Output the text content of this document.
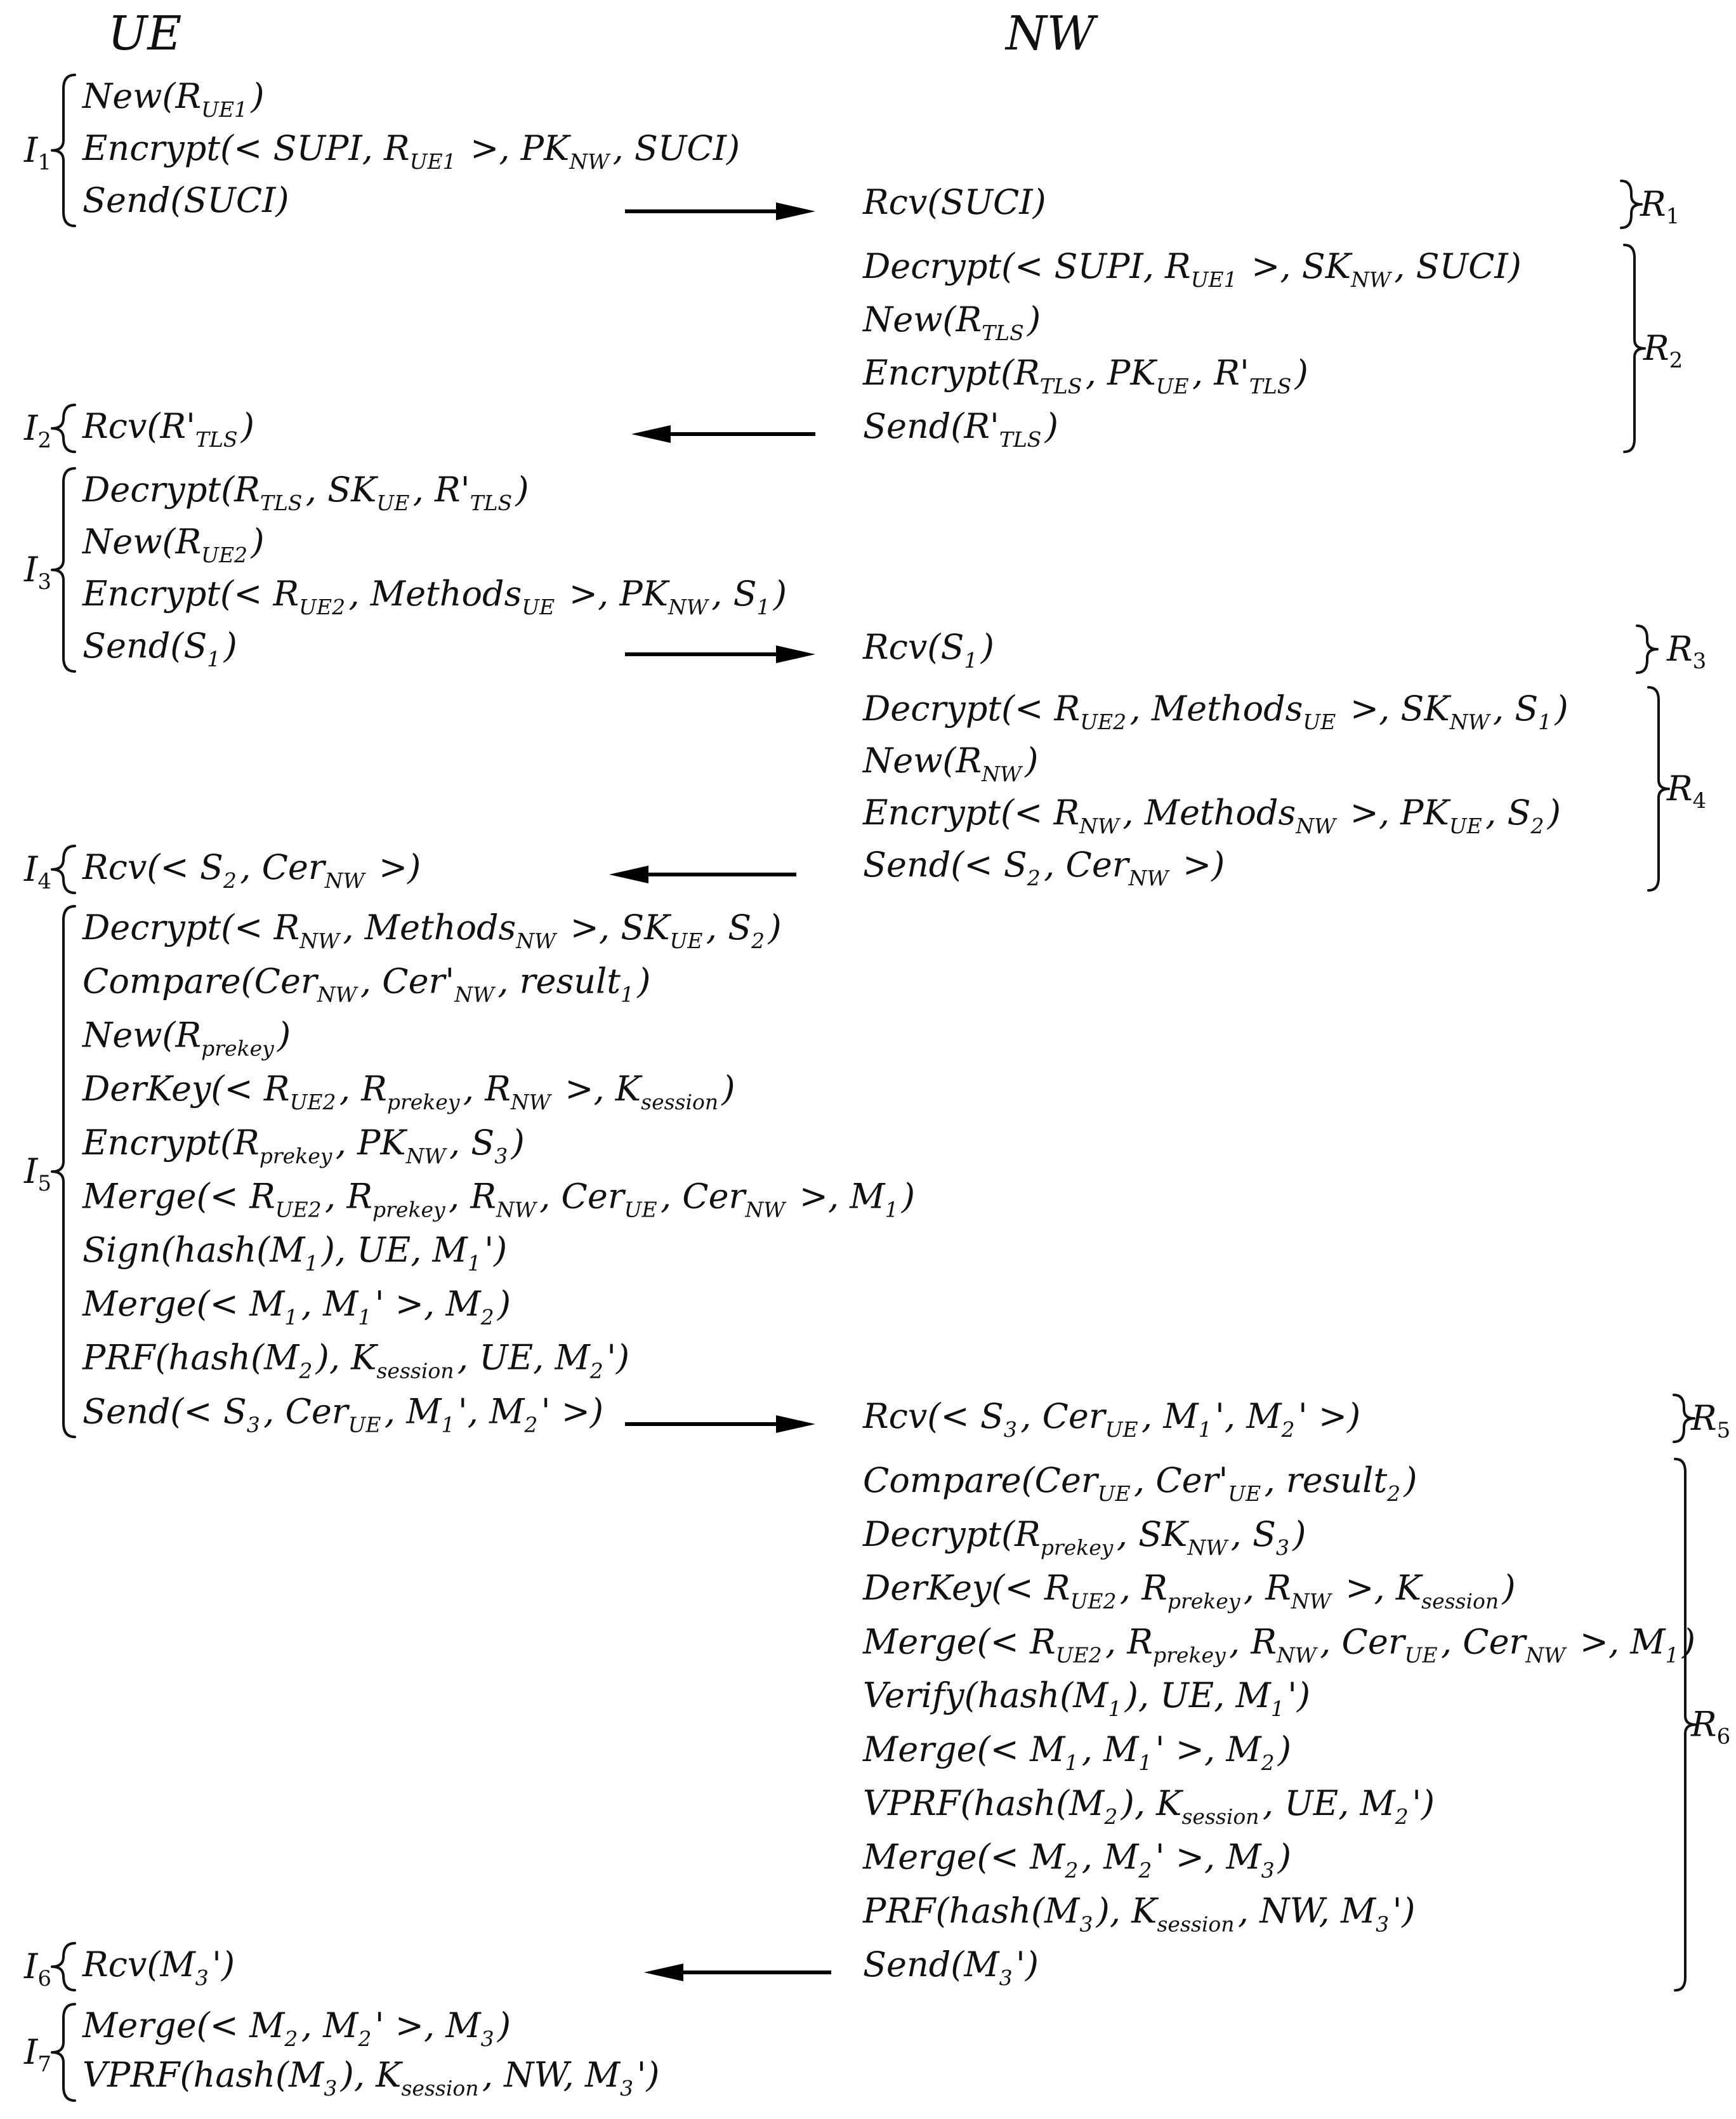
UE	NW
$New(R_{UE1}$ )
Encrypt(< SUPI, $R_{UE1}$  >, $PK_{NW}$ , SUCI)
Send(SUCI)
$I_1$
$Rcv(R'_{TLS}$ )
$I_2$
$Decrypt(R_{TLS}$ , $SK_{UE}$ , $R'_{TLS}$ )
$New(R_{UE2}$ )
Encrypt(< $R_{UE2}$ , Methods$_{UE}$  >, $PK_{NW}$ , $S_1$ )
$Send(S_1$ )
$I_3$
$Rcv(< S_2$ , Cer$_{NW}$  >)
$I_4$
Decrypt(< $R_{NW}$ , Methods$_{NW}$  >, $SK_{UE}$ , $S_2$ )
Compare(Cer$_{NW}$ , $Cer'_{NW}$ , result$_1$ )
$New(R_{prekey}$ )
DerKey(< $R_{UE2}$ , $R_{prekey}$ , $R_{NW}$  >, $K_{session}$ )
$Encrypt(R_{prekey}$ , $PK_{NW}$ , $S_3$ )
Merge(< $R_{UE2}$ , $R_{prekey}$ , $R_{NW}$ , Cer$_{UE}$ , Cer$_{NW}$  >, $M_1$ )
$Sign(hash(M_1$ ), UE, $M_1$ ')
Merge(< $M_1$ , $M_1$ ' >, $M_2$ )
$PRF(hash(M_2$ ), $K_{session}$ , UE, $M_2$ ')
Send(< $S_3$ , Cer$_{UE}$ , $M_1$ ', $M_2$ ' >)
$I_5$
$Rcv(M_3$ ')
$I_6$
Merge(< $M_2$ , $M_2$ ' >, $M_3$ )
$VPRF(hash(M_3$ ), $K_{session}$ , NW, $M_3$ ')
$I_7$
Rcv(SUCI)	$R_1$
Decrypt(< SUPI, $R_{UE1}$  >, $SK_{NW}$ , SUCI)
$New(R_{TLS}$ )
$Encrypt(R_{TLS}$ , $PK_{UE}$ , $R'_{TLS}$ )
$Send(R'_{TLS}$ )
$R_2$
$Rcv(S_1$ )	$R_3$
Decrypt(< $R_{UE2}$ , Methods$_{UE}$  >, $SK_{NW}$ , $S_1$ )
$New(R_{NW}$ )
Encrypt(< $R_{NW}$ , Methods$_{NW}$  >, $PK_{UE}$ , $S_2$ )
Send(< $S_2$ , Cer$_{NW}$  >)
$R_4$
$Rcv(< S_3$ , Cer$_{UE}$ , $M_1$ ', $M_2$ ' >)	$R_5$
Compare(Cer$_{UE}$ , $Cer'_{UE}$ , result$_2$ )
$Decrypt(R_{prekey}$ , $SK_{NW}$ , $S_3$ )
DerKey(< $R_{UE2}$ , $R_{prekey}$ , $R_{NW}$  >, $K_{session}$ )
Merge(< $R_{UE2}$ , $R_{prekey}$ , $R_{NW}$ , Cer$_{UE}$ , Cer$_{NW}$  >, $M_1$ )
$Verify(hash(M_1$ ), UE, $M_1$ ')
Merge(< $M_1$ , $M_1$ ' >, $M_2$ )
$VPRF(hash(M_2$ ), $K_{session}$ , UE, $M_2$ ')
Merge(< $M_2$ , $M_2$ ' >, $M_3$ )
$PRF(hash(M_3$ ), $K_{session}$ , NW, $M_3$ ')
$Send(M_3$ ')
$R_6$
